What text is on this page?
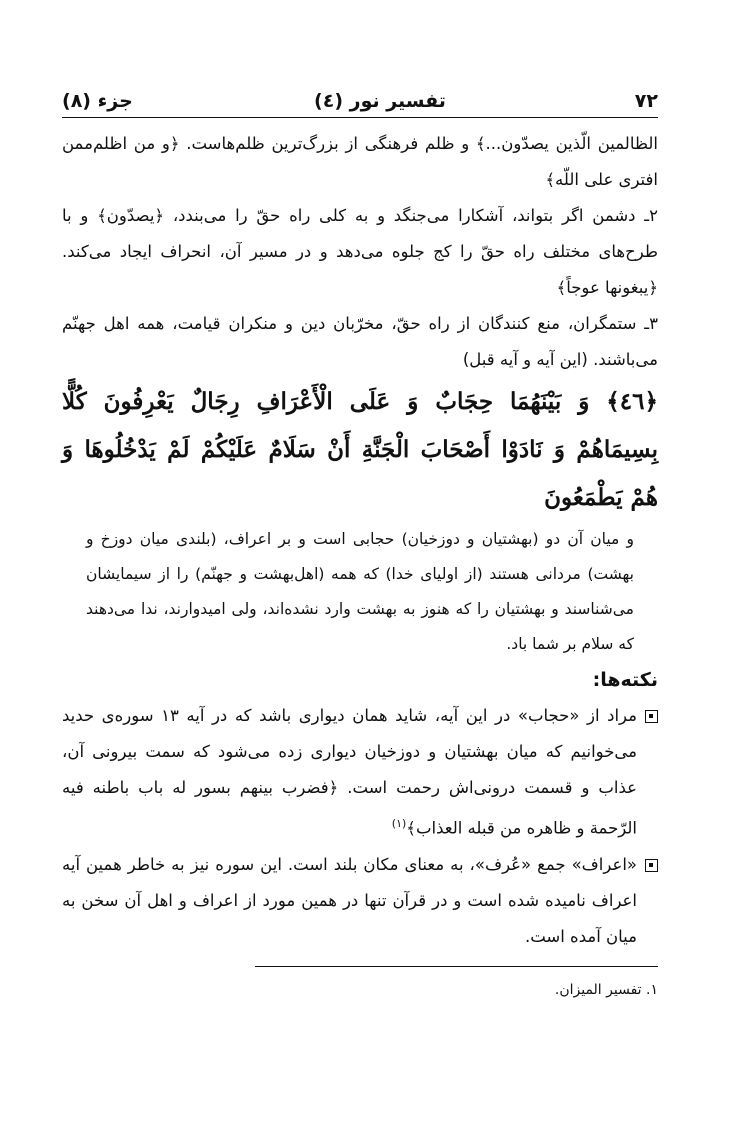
۷۲
تفسیر نور (٤)
جزء (۸)

الظالمین الّذین یصدّون...﴾ و ظلم فرهنگی از بزرگ‌ترین ظلم‌هاست. ﴿و من اظلم‌ممن افتری علی اللّه﴾

۲ـ دشمن اگر بتواند، آشکارا می‌جنگد و به کلی راه حقّ را می‌بندد، ﴿یصدّون﴾ و با طرح‌های مختلف راه حقّ را کج جلوه می‌دهد و در مسیر آن، انحراف ایجاد می‌کند. ﴿یبغونها عوجاً﴾

۳ـ ستمگران، منع کنندگان از راه حقّ، مخرّبان دین و منکران قیامت، همه اهل جهنّم می‌باشند. (این آیه و آیه قبل)

﴿٤٦﴾ وَ بَيْنَهُمَا حِجَابٌ وَ عَلَى الْأَعْرَافِ رِجَالٌ يَعْرِفُونَ كُلًّا بِسِيمَاهُمْ وَ نَادَوْا أَصْحَابَ الْجَنَّةِ أَنْ سَلَامٌ عَلَيْكُمْ لَمْ يَدْخُلُوهَا وَ هُمْ يَطْمَعُونَ

و میان آن دو (بهشتیان و دوزخیان) حجابی است و بر اعراف، (بلندی میان دوزخ و بهشت) مردانی هستند (از اولیای خدا) که همه (اهل‌بهشت و جهنّم) را از سیمایشان می‌شناسند و بهشتیان را که هنوز به بهشت وارد نشده‌اند، ولی امیدوارند، ندا می‌دهند که سلام بر شما باد.

نکته‌ها:

مراد از «حجاب» در این آیه، شاید همان دیواری باشد که در آیه ۱۳ سوره‌ی حدید می‌خوانیم که میان بهشتیان و دوزخیان دیواری زده می‌شود که سمت بیرونی آن، عذاب و قسمت درونی‌اش رحمت است. ﴿فضرب بینهم بسور له باب باطنه فیه الرّحمة و ظاهره من قبله العذاب﴾$^{(۱)}$
«اعراف» جمع «عُرف»، به معنای مکان بلند است. این سوره نیز به خاطر همین آیه اعراف نامیده شده است و در قرآن تنها در همین مورد از اعراف و اهل آن سخن به میان آمده است.
۱. تفسیر المیزان.
